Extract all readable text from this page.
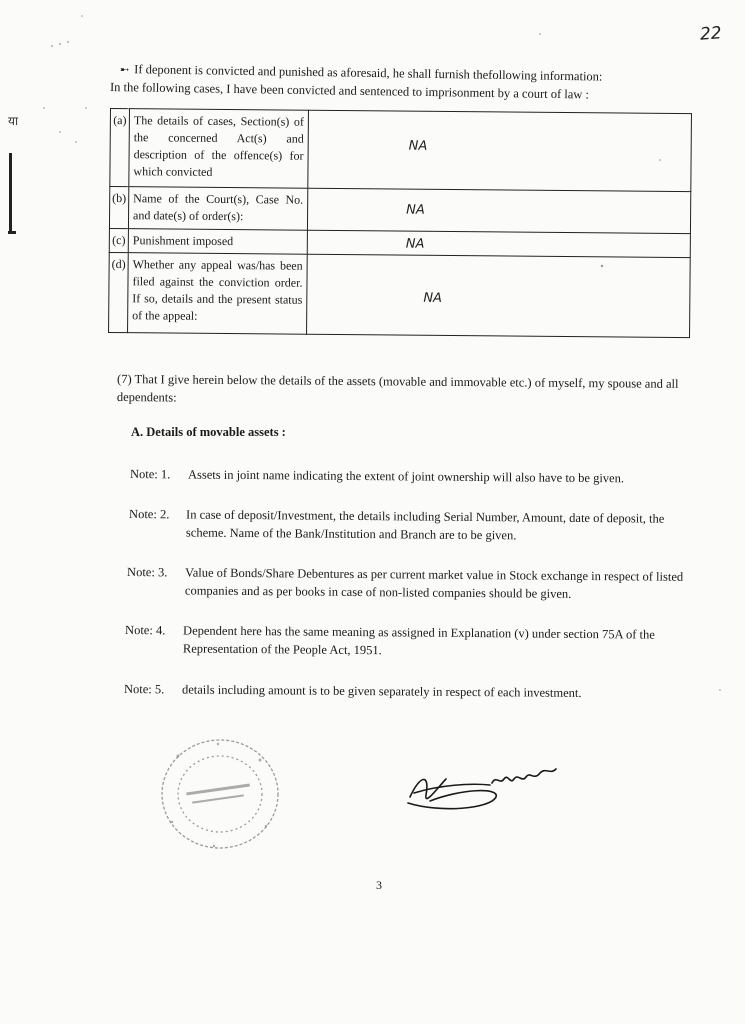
22
या
➸ If deponent is convicted and punished as aforesaid, he shall furnish thefollowing information:
In the following cases, I have been convicted and sentenced to imprisonment by a court of law :
(a)	The details of cases, Section(s) of the concerned Act(s) and description of the offence(s) for which convicted	NA

(b)	Name of the Court(s), Case No. and date(s) of order(s):	NA

(c)	Punishment imposed	NA

(d)	Whether any appeal was/has been filed against the conviction order. If so, details and the present status of the appeal:	NA
(7) That I give herein below the details of the assets (movable and immovable etc.) of myself, my spouse and all dependents:
A. Details of movable assets :
Note: 1.	Assets in joint name indicating the extent of joint ownership will also have to be given.
Note: 2.	In case of deposit/Investment, the details including Serial Number, Amount, date of deposit, the scheme. Name of the Bank/Institution and Branch are to be given.
Note: 3.	Value of Bonds/Share Debentures as per current market value in Stock exchange in respect of listed companies and as per books in case of non-listed companies should be given.
Note: 4.	Dependent here has the same meaning as assigned in Explanation (v) under section 75A of the Representation of the People Act, 1951.
Note: 5.	details including amount is to be given separately in respect of each investment.
3
